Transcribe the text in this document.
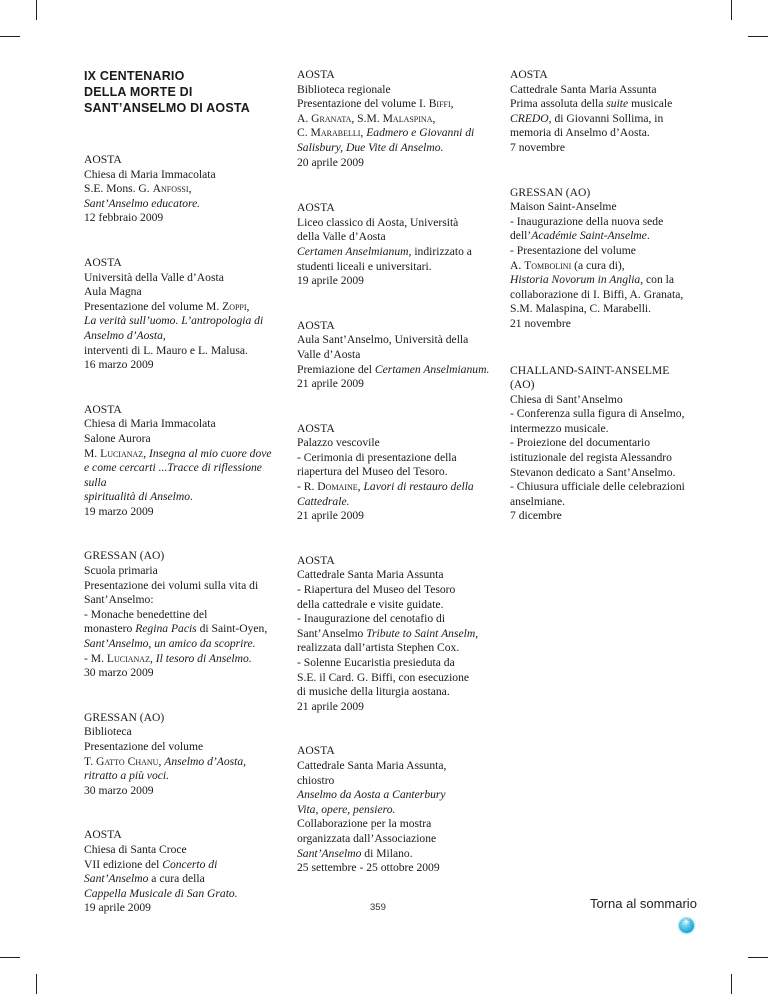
IX CENTENARIO
DELLA MORTE DI
SANT’ANSELMO DI AOSTA
AOSTA
Chiesa di Maria Immacolata
S.E. Mons. G. Anfossi,
Sant’Anselmo educatore.
12 febbraio 2009
AOSTA
Università della Valle d’Aosta
Aula Magna
Presentazione del volume M. Zoppi,
La verità sull’uomo. L’antropologia di
Anselmo d’Aosta,
interventi di L. Mauro e L. Malusa.
16 marzo 2009
AOSTA
Chiesa di Maria Immacolata
Salone Aurora
M. Lucianaz, Insegna al mio cuore dove
e come cercarti ...Tracce di riflessione sulla
spiritualità di Anselmo.
19 marzo 2009
GRESSAN (AO)
Scuola primaria
Presentazione dei volumi sulla vita di
Sant’Anselmo:
- Monache benedettine del
monastero Regina Pacis di Saint-Oyen,
Sant’Anselmo, un amico da scoprire.
- M. Lucianaz, Il tesoro di Anselmo.
30 marzo 2009
GRESSAN (AO)
Biblioteca
Presentazione del volume
T. Gatto Chanu, Anselmo d’Aosta,
ritratto a più voci.
30 marzo 2009
AOSTA
Chiesa di Santa Croce
VII edizione del Concerto di
Sant’Anselmo a cura della
Cappella Musicale di San Grato.
19 aprile 2009
AOSTA
Biblioteca regionale
Presentazione del volume I. Biffi,
A. Granata, S.M. Malaspina,
C. Marabelli, Eadmero e Giovanni di
Salisbury, Due Vite di Anselmo.
20 aprile 2009
AOSTA
Liceo classico di Aosta, Università
della Valle d’Aosta
Certamen Anselmianum, indirizzato a
studenti liceali e universitari.
19 aprile 2009
AOSTA
Aula Sant’Anselmo, Università della
Valle d’Aosta
Premiazione del Certamen Anselmianum.
21 aprile 2009
AOSTA
Palazzo vescovile
- Cerimonia di presentazione della
riapertura del Museo del Tesoro.
- R. Domaine, Lavori di restauro della
Cattedrale.
21 aprile 2009
AOSTA
Cattedrale Santa Maria Assunta
- Riapertura del Museo del Tesoro
della cattedrale e visite guidate.
- Inaugurazione del cenotafio di
Sant’Anselmo Tribute to Saint Anselm,
realizzata dall’artista Stephen Cox.
- Solenne Eucaristia presieduta da
S.E. il Card. G. Biffi, con esecuzione
di musiche della liturgia aostana.
21 aprile 2009
AOSTA
Cattedrale Santa Maria Assunta,
chiostro
Anselmo da Aosta a Canterbury
Vita, opere, pensiero.
Collaborazione per la mostra
organizzata dall’Associazione
Sant’Anselmo di Milano.
25 settembre - 25 ottobre 2009
AOSTA
Cattedrale Santa Maria Assunta
Prima assoluta della suite musicale
CREDO, di Giovanni Sollima, in
memoria di Anselmo d’Aosta.
7 novembre
GRESSAN (AO)
Maison Saint-Anselme
- Inaugurazione della nuova sede
dell’Académie Saint-Anselme.
- Presentazione del volume
A. Tombolini (a cura di),
Historia Novorum in Anglia, con la
collaborazione di I. Biffi, A. Granata,
S.M. Malaspina, C. Marabelli.
21 novembre
CHALLAND-SAINT-ANSELME
(AO)
Chiesa di Sant’Anselmo
- Conferenza sulla figura di Anselmo,
intermezzo musicale.
- Proiezione del documentario
istituzionale del regista Alessandro
Stevanon dedicato a Sant’Anselmo.
- Chiusura ufficiale delle celebrazioni
anselmiane.
7 dicembre
359	Torna al sommario
✳
